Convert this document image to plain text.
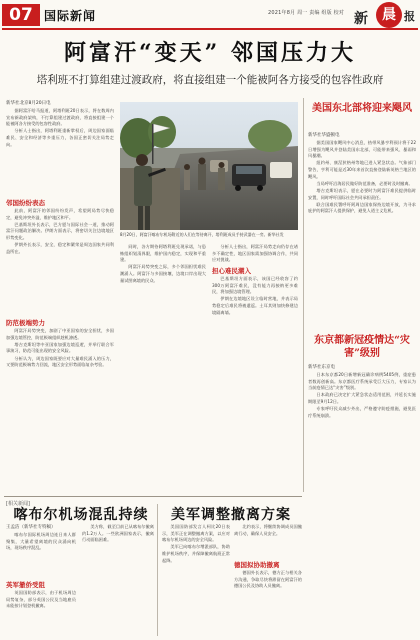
07 国际新闻	2021年8月 周一 责编 组版 校对 新	晨 报
阿富汗“变天” 邻国压力大
塔利班不打算组建过渡政府，将直接组建一个能被阿各方接受的包容性政府
新华社北京8月20日电

据阿富汗哈马报道，阿塔利班20日表示，将在数周内宣布新政府架构，不打算组建过渡政府，将直接组建一个能被阿各方接受的包容性政府。

分析人士指出，阿塔利班重新掌权后，周边国家面临难民、安全和经济等多重压力，各国正密切关注局势走向。

邻国纷纷表态

此前，阿富汗的邻国纷纷发声，希望阿局势尽快稳定，避免冲突外溢，维护地区和平。

巴基斯坦外长表示，巴方愿与国际社会一道，推动阿富汗问题政治解决。伊朗方面表示，将密切关注边境地区形势变化。

伊朗外长表示，安全，稳定和繁荣是周边国家共同利益所在。

防范极端势力

阿富汗局势突变，加剧了中亚国家的安全担忧，多国加强边境管控，防范极端组织趁机渗透。

塔吉克斯坦等中亚国家加强边境巡逻，并举行联合军事演习，防范可能出现的安全风险。

分析认为，周边国家既要应对大量难民涌入的压力，又要防范极端势力回流，地区安全形势面临复杂考验。

8月20日，阿富汗喀布尔机场附近的人们在等待离开，塔利班成员手持武器在一旁。新华社发

同时，各方期待阿塔利班兑现承诺，与恐怖组织划清界限，维护国内稳定，实现和平重建。

阿富汗局势突变之际，多个邻国担忧难民潮涌入。阿富汗与多国接壤，边境口岸出现大量试图离境的民众。

担心难民潮入

巴基斯坦方面表示，该国已经收容了约300万阿富汗难民，没有能力再接纳更多难民，将加强边境管理。

伊朗在边境地区设立临时营地，并表示局势稳定后难民将被遣返。土耳其则加快修建边境隔离墙。

分析人士指出，阿富汗局势走向仍存在诸多不确定性，地区国家需加强协调合作，共同应对挑战。

美国东北部将迎来飓风
新华社华盛顿电

据美国国家飓风中心消息，热带风暴亨利预计将于22日增强为飓风并登陆美国东北部，可能带来强风、暴雨和风暴潮。

纽约州、康涅狄格州等地已进入紧急状态。气象部门警告，亨利可能是近30年来首次直接登陆新英格兰地区的飓风。

当局呼吁沿海居民做好防范准备，必要时及时撤离。

塔吉克斯坦表示，愿在必要时为阿富汗难民提供临时安置，同时呼吁国际社会共同承担责任。

联合国难民署呼吁阿周边国家保持边境开放，为寻求庇护的阿富汗人提供保护，避免人道主义危机。

东京都新冠疫情达“灾害”级别
新华社东京电

日本东京都20日新增新冠确诊病例5405例，重症患者数再创新高。东京都医疗系统承受巨大压力，专家认为当前疫情已达“灾害”级别。

日本政府已决定扩大紧急状态适用范围，并延长实施期限至9月12日。

专家呼吁民众减少外出，严格遵守防疫措施，避免医疗系统崩溃。

[相关新闻]
喀布尔机场混乱持续
王孟洁（新华社专特稿）

喀布尔国际机场周边连日来人群聚集，大量希望离境的民众涌向机场，现场秩序混乱。

英军撤侨受阻

英国国防部表示，由于机场周边局势复杂，部分英国公民及当地雇员未能按计划登机撤离。

美方称，截至目前已从喀布尔撤离约1.2万人。一些欧洲国家表示，撤离行动面临困难。

美军调整撤离方案

美国国防部发言人柯比20日表示，美军正在调整撤离方案，以应对喀布尔机场周边的安全风险。

美军已向喀布尔增派部队，协助维护机场秩序，并保障撤离航班正常起降。

德国拟协助撤离

北约表示，将继续协调成员国撤离行动，确保人员安全。

德国外长表示，德方正与相关各方沟通，争取尽快将滞留在阿富汗的德国公民及协助人员撤离。
